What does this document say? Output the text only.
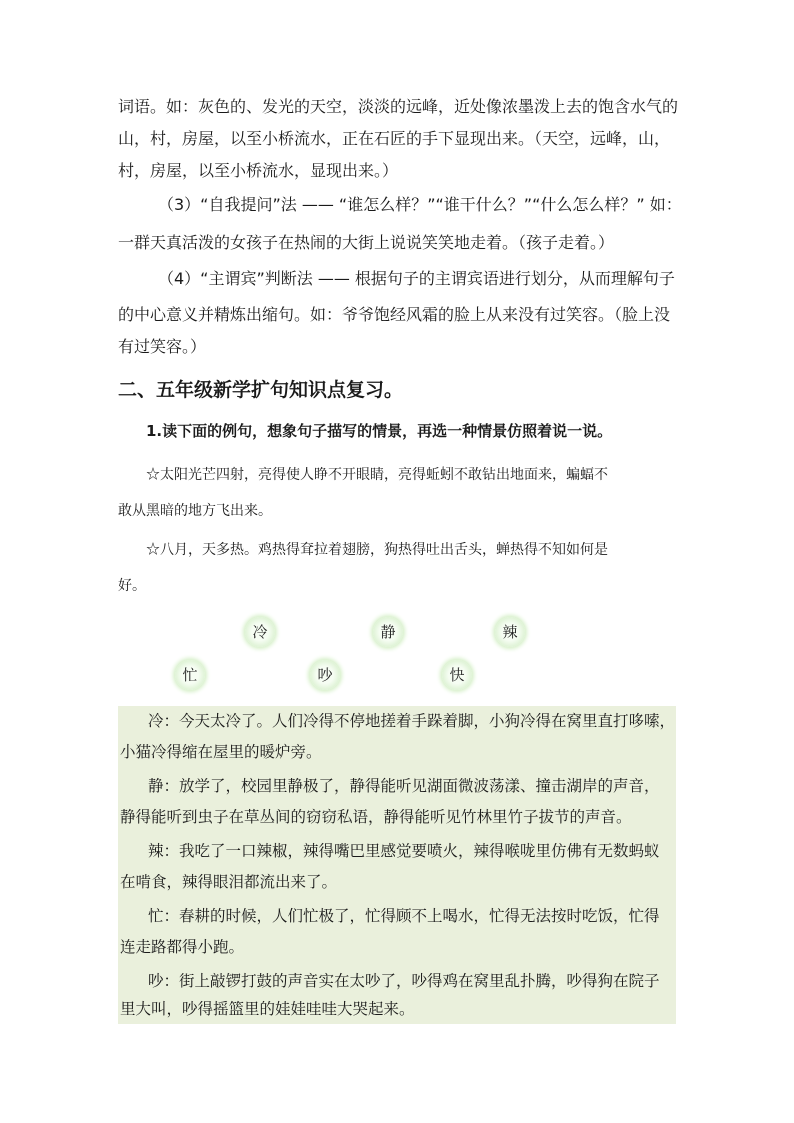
词语。如：灰色的、发光的天空，淡淡的远峰，近处像浓墨泼上去的饱含水气的

山，村，房屋，以至小桥流水，正在石匠的手下显现出来。（天空，远峰，山，

村，房屋，以至小桥流水，显现出来。）

（3）“自我提问”法 —— “谁怎么样？”“谁干什么？”“什么怎么样？” 如：

一群天真活泼的女孩子在热闹的大街上说说笑笑地走着。（孩子走着。）

（4）“主谓宾”判断法 —— 根据句子的主谓宾语进行划分，从而理解句子

的中心意义并精炼出缩句。如：爷爷饱经风霜的脸上从来没有过笑容。（脸上没

有过笑容。）

二、五年级新学扩句知识点复习。
1.读下面的例句，想象句子描写的情景，再选一种情景仿照着说一说。

☆太阳光芒四射，亮得使人睁不开眼睛，亮得蚯蚓不敢钻出地面来，蝙蝠不

敢从黑暗的地方飞出来。

☆八月，天多热。鸡热得耷拉着翅膀，狗热得吐出舌头，蝉热得不知如何是

好。

冷	静	辣
忙	吵	快

冷：今天太冷了。人们冷得不停地搓着手跺着脚，小狗冷得在窝里直打哆嗦，

小猫冷得缩在屋里的暖炉旁。

静：放学了，校园里静极了，静得能听见湖面微波荡漾、撞击湖岸的声音，

静得能听到虫子在草丛间的窃窃私语，静得能听见竹林里竹子拔节的声音。

辣：我吃了一口辣椒，辣得嘴巴里感觉要喷火，辣得喉咙里仿佛有无数蚂蚁

在啃食，辣得眼泪都流出来了。

忙：春耕的时候，人们忙极了，忙得顾不上喝水，忙得无法按时吃饭，忙得

连走路都得小跑。

吵：街上敲锣打鼓的声音实在太吵了，吵得鸡在窝里乱扑腾，吵得狗在院子

里大叫，吵得摇篮里的娃娃哇哇大哭起来。
